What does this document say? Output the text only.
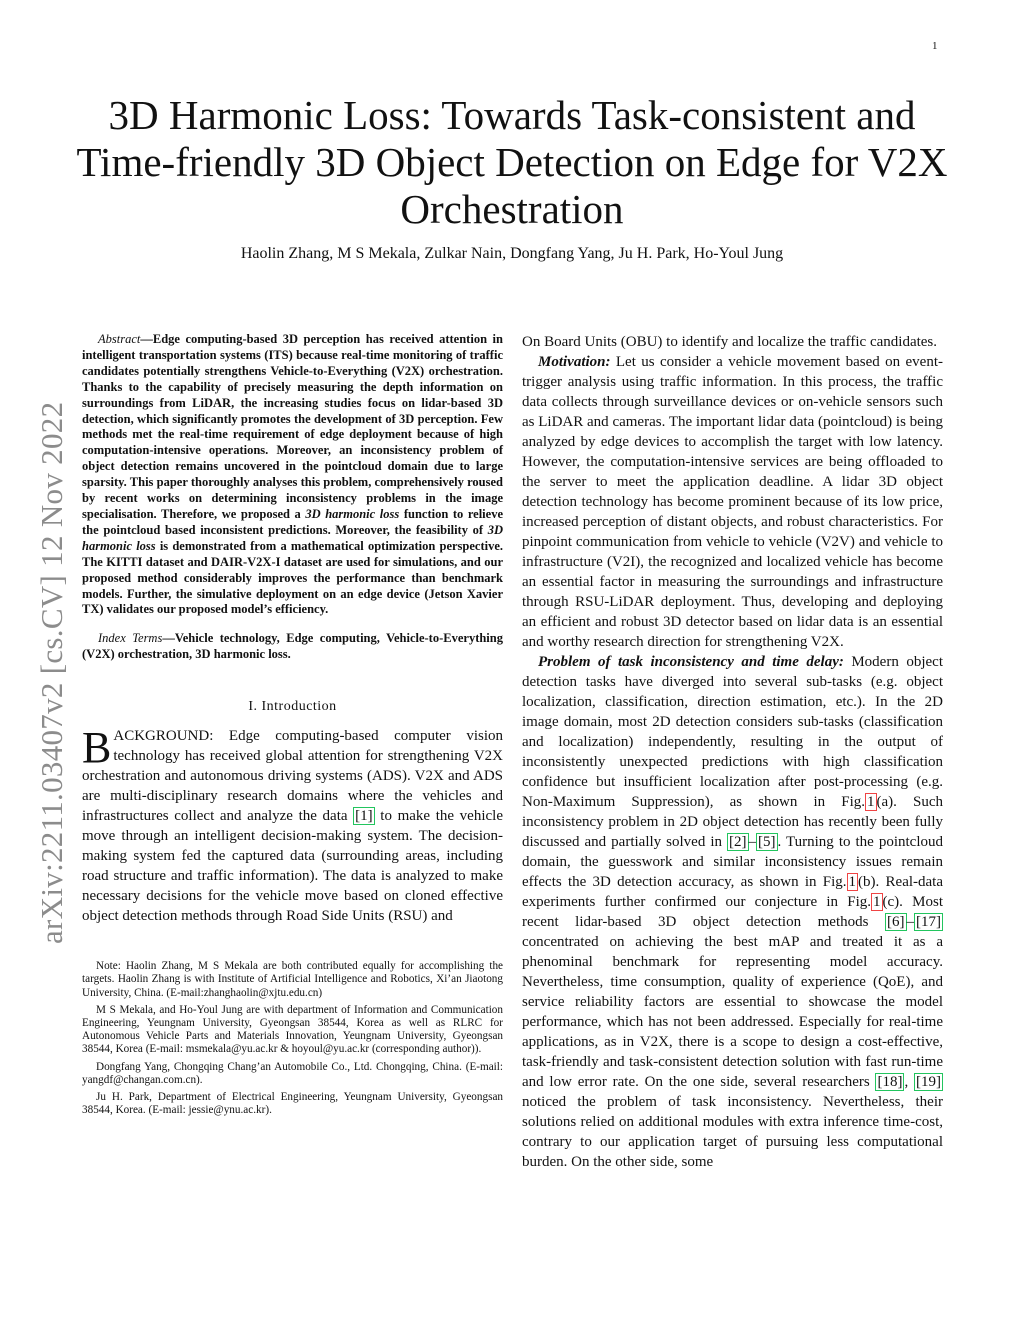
1
3D Harmonic Loss: Towards Task-consistent and Time-friendly 3D Object Detection on Edge for V2X Orchestration
Haolin Zhang, M S Mekala, Zulkar Nain, Dongfang Yang, Ju H. Park, Ho-Youl Jung
arXiv:2211.03407v2 [cs.CV] 12 Nov 2022

Abstract—Edge computing-based 3D perception has received attention in intelligent transportation systems (ITS) because real-time monitoring of traffic candidates potentially strengthens Vehicle-to-Everything (V2X) orchestration. Thanks to the capability of precisely measuring the depth information on surroundings from LiDAR, the increasing studies focus on lidar-based 3D detection, which significantly promotes the development of 3D perception. Few methods met the real-time requirement of edge deployment because of high computation-intensive operations. Moreover, an inconsistency problem of object detection remains uncovered in the pointcloud domain due to large sparsity. This paper thoroughly analyses this problem, comprehensively roused by recent works on determining inconsistency problems in the image specialisation. Therefore, we proposed a 3D harmonic loss function to relieve the pointcloud based inconsistent predictions. Moreover, the feasibility of 3D harmonic loss is demonstrated from a mathematical optimization perspective. The KITTI dataset and DAIR-V2X-I dataset are used for simulations, and our proposed method considerably improves the performance than benchmark models. Further, the simulative deployment on an edge device (Jetson Xavier TX) validates our proposed model’s efficiency.

Index Terms—Vehicle technology, Edge computing, Vehicle-to-Everything (V2X) orchestration, 3D harmonic loss.

I. Introduction

BACKGROUND: Edge computing-based computer vision technology has received global attention for strengthening V2X orchestration and autonomous driving systems (ADS). V2X and ADS are multi-disciplinary research domains where the vehicles and infrastructures collect and analyze the data [1] to make the vehicle move through an intelligent decision-making system. The decision-making system fed the captured data (surrounding areas, including road structure and traffic information). The data is analyzed to make necessary decisions for the vehicle move based on cloned effective object detection methods through Road Side Units (RSU) and

Note: Haolin Zhang, M S Mekala are both contributed equally for accomplishing the targets. Haolin Zhang is with Institute of Artificial Intelligence and Robotics, Xi’an Jiaotong University, China. (E-mail:zhanghaolin@xjtu.edu.cn)

M S Mekala, and Ho-Youl Jung are with department of Information and Communication Engineering, Yeungnam University, Gyeongsan 38544, Korea as well as RLRC for Autonomous Vehicle Parts and Materials Innovation, Yeungnam University, Gyeongsan 38544, Korea (E-mail: msmekala@yu.ac.kr & hoyoul@yu.ac.kr (corresponding author)).

Dongfang Yang, Chongqing Chang’an Automobile Co., Ltd. Chongqing, China. (E-mail: yangdf@changan.com.cn).

Ju H. Park, Department of Electrical Engineering, Yeungnam University, Gyeongsan 38544, Korea. (E-mail: jessie@ynu.ac.kr).

On Board Units (OBU) to identify and localize the traffic candidates.

Motivation: Let us consider a vehicle movement based on event-trigger analysis using traffic information. In this process, the traffic data collects through surveillance devices or on-vehicle sensors such as LiDAR and cameras. The important lidar data (pointcloud) is being analyzed by edge devices to accomplish the target with low latency. However, the computation-intensive services are being offloaded to the server to meet the application deadline. A lidar 3D object detection technology has become prominent because of its low price, increased perception of distant objects, and robust characteristics. For pinpoint communication from vehicle to vehicle (V2V) and vehicle to infrastructure (V2I), the recognized and localized vehicle has become an essential factor in measuring the surroundings and infrastructure through RSU-LiDAR deployment. Thus, developing and deploying an efficient and robust 3D detector based on lidar data is an essential and worthy research direction for strengthening V2X.

Problem of task inconsistency and time delay: Modern object detection tasks have diverged into several sub-tasks (e.g. object localization, classification, direction estimation, etc.). In the 2D image domain, most 2D detection considers sub-tasks (classification and localization) independently, resulting in the output of inconsistently unexpected predictions with high classification confidence but insufficient localization after post-processing (e.g. Non-Maximum Suppression), as shown in Fig. 1 (a). Such inconsistency problem in 2D object detection has recently been fully discussed and partially solved in [2] – [5] . Turning to the pointcloud domain, the guesswork and similar inconsistency issues remain effects the 3D detection accuracy, as shown in Fig. 1 (b). Real-data experiments further confirmed our conjecture in Fig. 1 (c). Most recent lidar-based 3D object detection methods [6] – [17] concentrated on achieving the best mAP and treated it as a phenominal benchmark for representing model accuracy. Nevertheless, time consumption, quality of experience (QoE), and service reliability factors are essential to showcase the model performance, which has not been addressed. Especially for real-time applications, as in V2X, there is a scope to design a cost-effective, task-friendly and task-consistent detection solution with fast run-time and low error rate. On the one side, several researchers [18] , [19] noticed the problem of task inconsistency. Nevertheless, their solutions relied on additional modules with extra inference time-cost, contrary to our application target of pursuing less computational burden. On the other side, some
